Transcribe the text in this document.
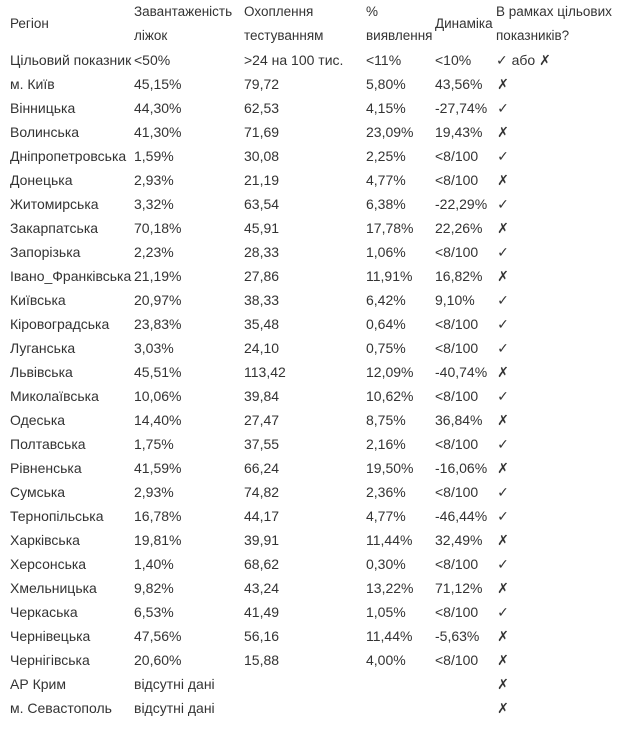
Регіон	Завантаженість ліжок	Охоплення тестуванням	% виявлення	Динаміка	В рамках цільових показників?
Цільовий показник	<50%	>24 на 100 тис.	<11%	<10%	✓ або ✗
м. Київ	45,15%	79,72	5,80%	43,56%	✗
Вінницька	44,30%	62,53	4,15%	-27,74%	✓
Волинська	41,30%	71,69	23,09%	19,43%	✗
Дніпропетровська	1,59%	30,08	2,25%	<8/100	✓
Донецька	2,93%	21,19	4,77%	<8/100	✗
Житомирська	3,32%	63,54	6,38%	-22,29%	✓
Закарпатська	70,18%	45,91	17,78%	22,26%	✗
Запорізька	2,23%	28,33	1,06%	<8/100	✓
Івано_Франківська	21,19%	27,86	11,91%	16,82%	✗
Київська	20,97%	38,33	6,42%	9,10%	✓
Кіровоградська	23,83%	35,48	0,64%	<8/100	✓
Луганська	3,03%	24,10	0,75%	<8/100	✓
Львівська	45,51%	113,42	12,09%	-40,74%	✗
Миколаївська	10,06%	39,84	10,62%	<8/100	✓
Одеська	14,40%	27,47	8,75%	36,84%	✗
Полтавська	1,75%	37,55	2,16%	<8/100	✓
Рівненська	41,59%	66,24	19,50%	-16,06%	✗
Сумська	2,93%	74,82	2,36%	<8/100	✓
Тернопільська	16,78%	44,17	4,77%	-46,44%	✓
Харківська	19,81%	39,91	11,44%	32,49%	✗
Херсонська	1,40%	68,62	0,30%	<8/100	✓
Хмельницька	9,82%	43,24	13,22%	71,12%	✗
Черкаська	6,53%	41,49	1,05%	<8/100	✓
Чернівецька	47,56%	56,16	11,44%	-5,63%	✗
Чернігівська	20,60%	15,88	4,00%	<8/100	✗
АР Крим	відсутні дані				✗
м. Севастополь	відсутні дані				✗
